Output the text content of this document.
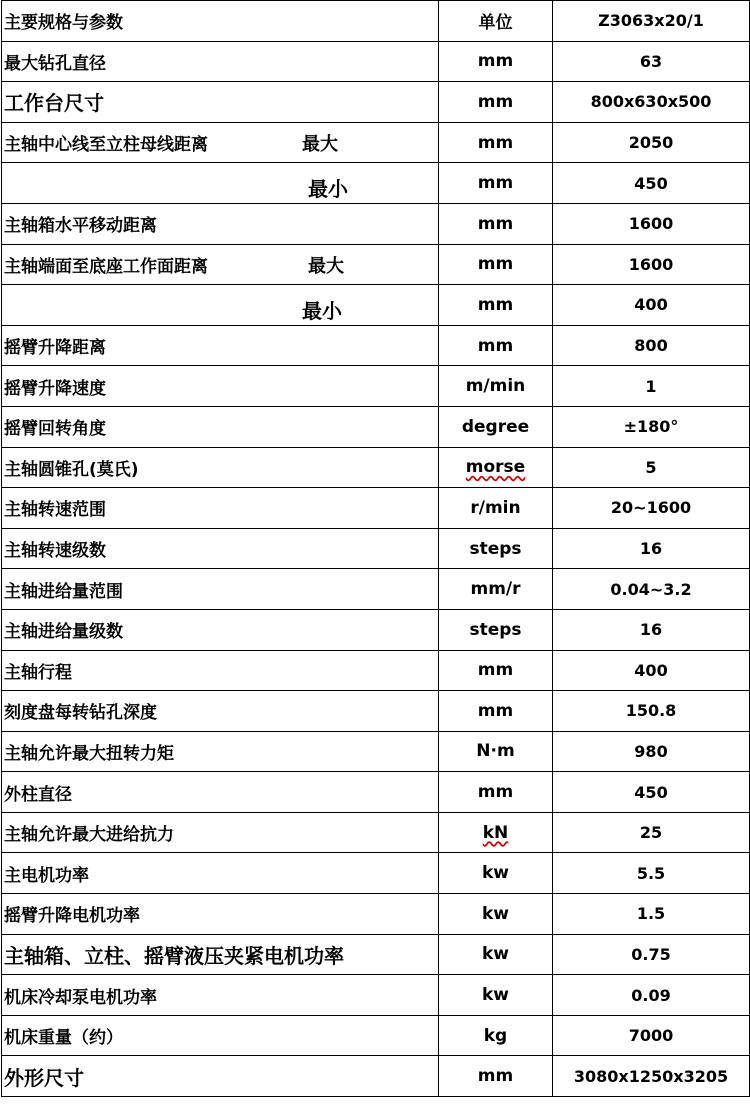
主要规格与参数	单位	Z3063x20/1
最大钻孔直径	mm	63
工作台尺寸	mm	800x630x500
主轴中心线至立柱母线距离 最大	mm	2050

最小	mm	450
主轴箱水平移动距离	mm	1600
主轴端面至底座工作面距离 最大	mm	1600

最小	mm	400
摇臂升降距离	mm	800
摇臂升降速度	m/min	1
摇臂回转角度	degree	±180°
主轴圆锥孔(莫氏)	morse	5
主轴转速范围	r/min	20~1600
主轴转速级数	steps	16
主轴进给量范围	mm/r	0.04~3.2
主轴进给量级数	steps	16
主轴行程	mm	400
刻度盘每转钻孔深度	mm	150.8
主轴允许最大扭转力矩	N·m	980
外柱直径	mm	450
主轴允许最大进给抗力	kN	25
主电机功率	kw	5.5
摇臂升降电机功率	kw	1.5
主轴箱、立柱、摇臂液压夹紧电机功率	kw	0.75
机床冷却泵电机功率	kw	0.09
机床重量（约）	kg	7000
外形尺寸	mm	3080x1250x3205
